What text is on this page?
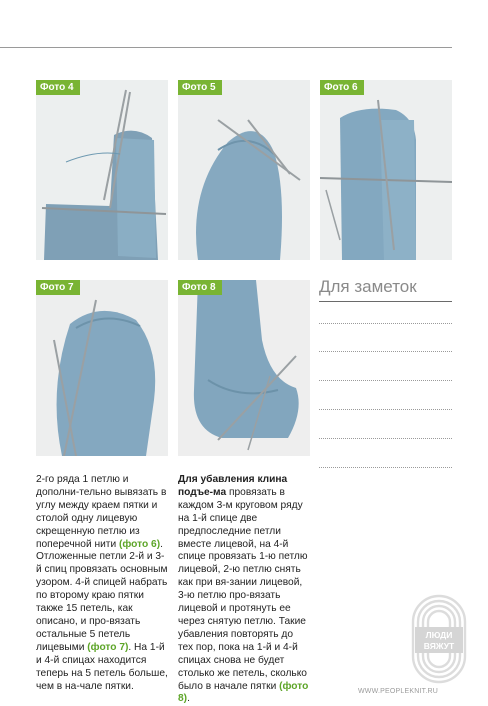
Фото 4	Фото 5	Фото 6
Фото 7	Фото 8	Для заметок
2-го ряда 1 петлю и дополни-тельно вывязать в углу между краем пятки и столой одну лицевую скрещенную петлю из поперечной нити (фото 6). Отложенные петли 2-й и 3-й спиц провязать основным узором. 4-й спицей набрать по второму краю пятки также 15 петель, как описано, и про-вязать остальные 5 петель лицевыми (фото 7). На 1-й и 4-й спицах находится теперь на 5 петель больше, чем в на-чале пятки.
Для убавления клина подъе-ма провязать в каждом 3-м круговом ряду на 1-й спице две предпоследние петли вместе лицевой, на 4-й спице провязать 1-ю петлю лицевой, 2-ю петлю снять как при вя-зании лицевой, 3-ю петлю про-вязать лицевой и протянуть ее через снятую петлю. Такие убавления повторять до тех пор, пока на 1-й и 4-й спицах снова не будет столько же петель, сколько было в начале пятки (фото 8).
ЛЮДИ
ВЯЖУТ
WWW.PEOPLEKNIT.RU
